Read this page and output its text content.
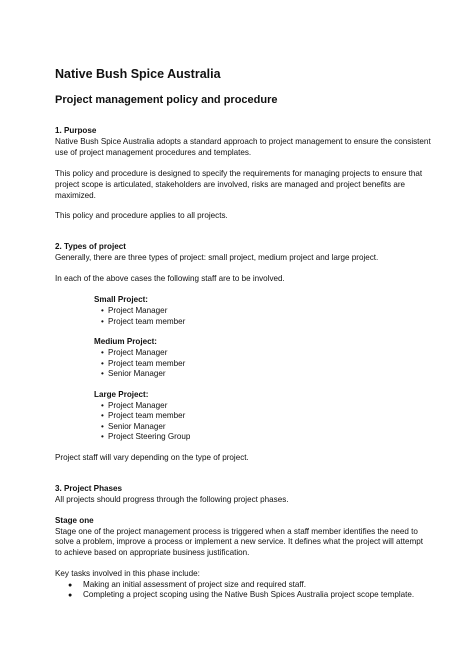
Native Bush Spice Australia
Project management policy and procedure
1. Purpose
Native Bush Spice Australia adopts a standard approach to project management to ensure the consistent
use of project management procedures and templates.
This policy and procedure is designed to specify the requirements for managing projects to ensure that
project scope is articulated, stakeholders are involved, risks are managed and project benefits are
maximized.
This policy and procedure applies to all projects.
2. Types of project
Generally, there are three types of project: small project, medium project and large project.
In each of the above cases the following staff are to be involved.
Small Project:
• Project Manager
• Project team member
Medium Project:
• Project Manager
• Project team member
• Senior Manager
Large Project:
• Project Manager
• Project team member
• Senior Manager
• Project Steering Group
Project staff will vary depending on the type of project.
3. Project Phases
All projects should progress through the following project phases.
Stage one
Stage one of the project management process is triggered when a staff member identifies the need to
solve a problem, improve a process or implement a new service. It defines what the project will attempt
to achieve based on appropriate business justification.
Key tasks involved in this phase include:
● Making an initial assessment of project size and required staff.
● Completing a project scoping using the Native Bush Spices Australia project scope template.
